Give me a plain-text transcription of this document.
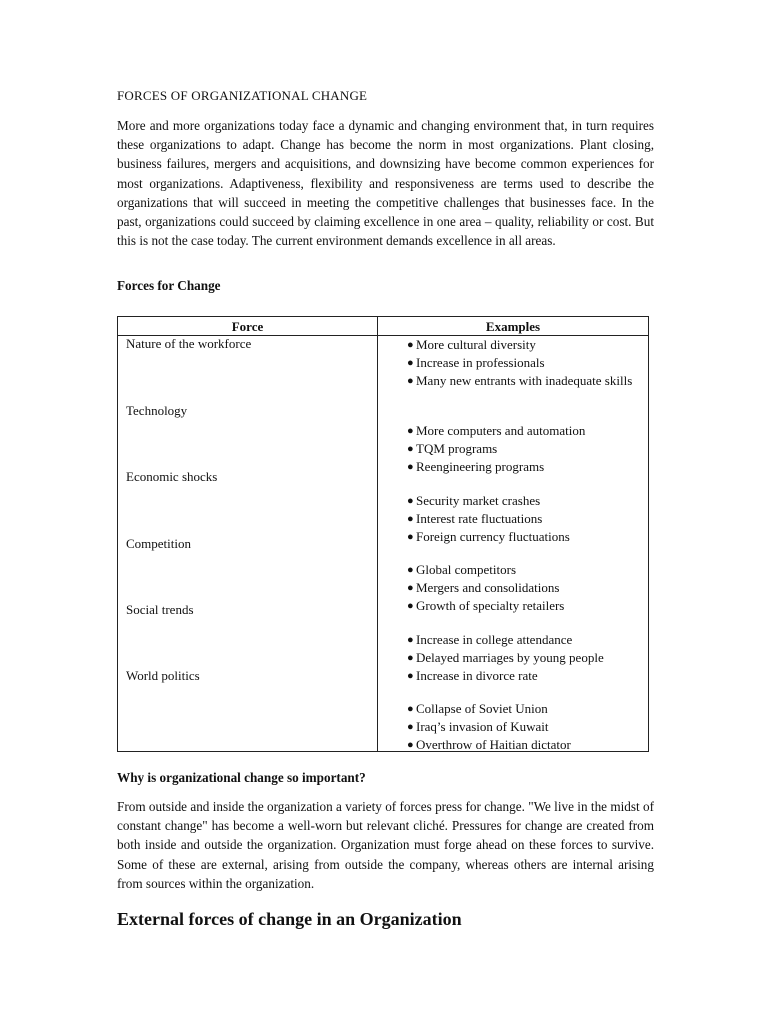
FORCES OF ORGANIZATIONAL CHANGE

More and more organizations today face a dynamic and changing environment that, in turn requires these organizations to adapt. Change has become the norm in most organizations. Plant closing, business failures, mergers and acquisitions, and downsizing have become common experiences for most organizations. Adaptiveness, flexibility and responsiveness are terms used to describe the organizations that will succeed in meeting the competitive challenges that businesses face. In the past, organizations could succeed by claiming excellence in one area – quality, reliability or cost. But this is not the case today. The current environment demands excellence in all areas.

Forces for Change
Force	Examples
Nature of the workforce	● More cultural diversity
● Increase in professionals
● Many new entrants with inadequate skills
Technology
● More computers and automation
● TQM programs
● Reengineering programs
Economic shocks
● Security market crashes
● Interest rate fluctuations
● Foreign currency fluctuations
Competition
● Global competitors
● Mergers and consolidations
● Growth of specialty retailers
Social trends
● Increase in college attendance
● Delayed marriages by young people
● Increase in divorce rate
World politics
● Collapse of Soviet Union
● Iraq’s invasion of Kuwait
● Overthrow of Haitian dictator
Why is organizational change so important?

From outside and inside the organization a variety of forces press for change. "We live in the midst of constant change" has become a well-worn but relevant cliché. Pressures for change are created from both inside and outside the organization. Organization must forge ahead on these forces to survive. Some of these are external, arising from outside the company, whereas others are internal arising from sources within the organization.

External forces of change in an Organization
